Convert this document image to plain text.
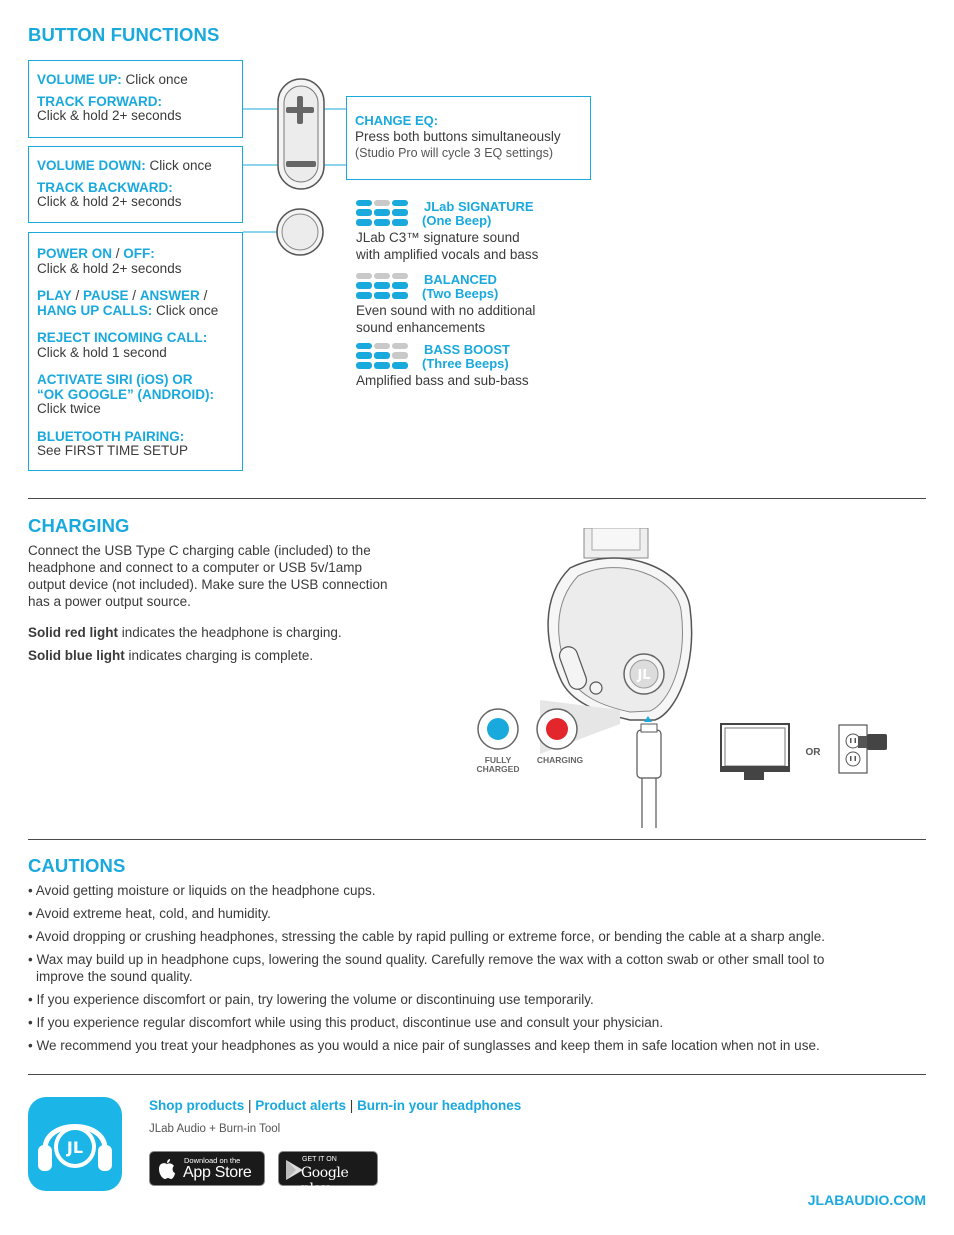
BUTTON FUNCTIONS
VOLUME UP: Click once
TRACK FORWARD:
Click & hold 2+ seconds
VOLUME DOWN: Click once
TRACK BACKWARD:
Click & hold 2+ seconds
POWER ON / OFF:
Click & hold 2+ seconds
PLAY / PAUSE / ANSWER /
HANG UP CALLS: Click once
REJECT INCOMING CALL:
Click & hold 1 second
ACTIVATE SIRI (iOS) OR
“OK GOOGLE” (ANDROID):
Click twice
BLUETOOTH PAIRING:
See FIRST TIME SETUP
CHANGE EQ:
Press both buttons simultaneously
(Studio Pro will cycle 3 EQ settings)
JLab SIGNATURE
(One Beep)
JLab C3™ signature sound
with amplified vocals and bass
BALANCED
(Two Beeps)
Even sound with no additional
sound enhancements
BASS BOOST
(Three Beeps)
Amplified bass and sub-bass
CHARGING
Connect the USB Type C charging cable (included) to the
headphone and connect to a computer or USB 5v/1amp
output device (not included). Make sure the USB connection
has a power output source.
Solid red light indicates the headphone is charging.
Solid blue light indicates charging is complete.
JL
FULLY
CHARGED
CHARGING
OR
CAUTIONS
• Avoid getting moisture or liquids on the headphone cups.
• Avoid extreme heat, cold, and humidity.
• Avoid dropping or crushing headphones, stressing the cable by rapid pulling or extreme force, or bending the cable at a sharp angle.
• Wax may build up in headphone cups, lowering the sound quality. Carefully remove the wax with a cotton swab or other small tool to
improve the sound quality.
• If you experience discomfort or pain, try lowering the volume or discontinuing use temporarily.
• If you experience regular discomfort while using this product, discontinue use and consult your physician.
• We recommend you treat your headphones as you would a nice pair of sunglasses and keep them in safe location when not in use.
JL
Shop products | Product alerts | Burn-in your headphones
JLab Audio + Burn-in Tool
Download on the
App Store
GET IT ON
Google play
JLABAUDIO.COM
